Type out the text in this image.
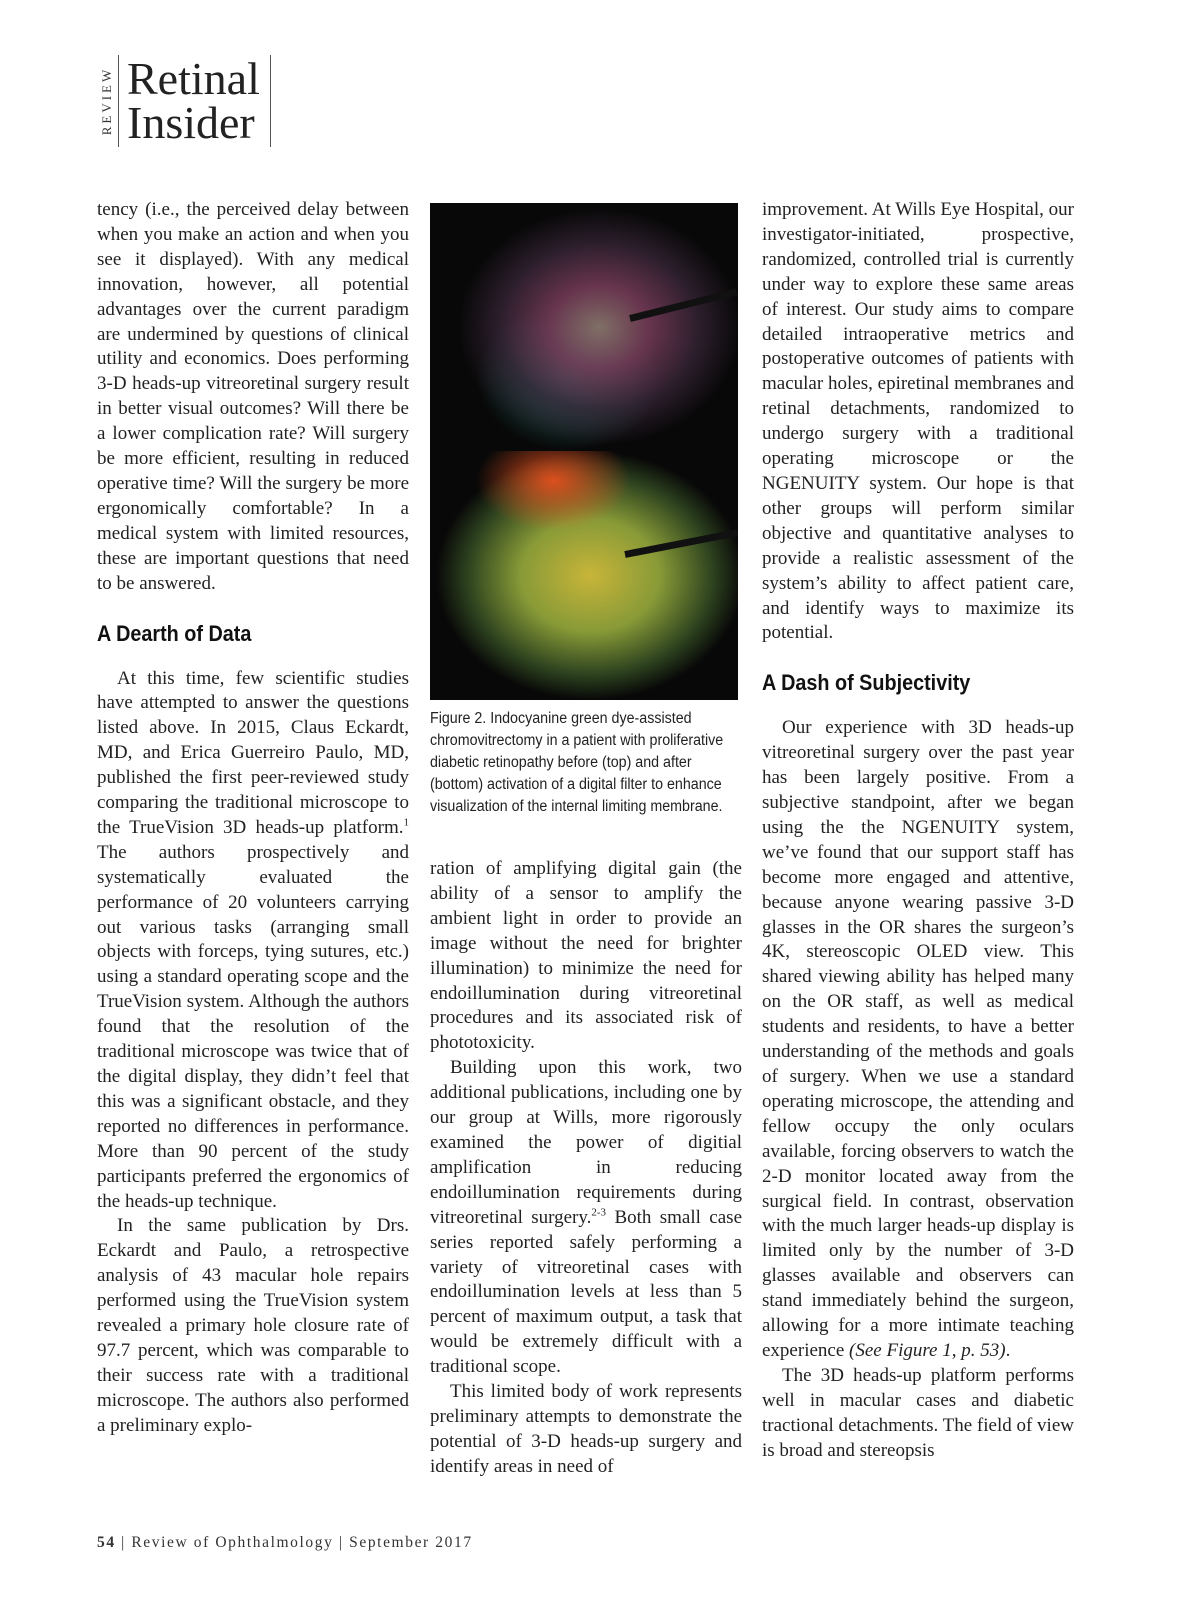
REVIEW Retinal
Insider

tency (i.e., the perceived delay between when you make an action and when you see it displayed). With any medical innovation, however, all potential advantages over the current paradigm are undermined by questions of clinical utility and economics. Does performing 3-D heads-up vitreoretinal surgery result in better visual outcomes? Will there be a lower complication rate? Will surgery be more efficient, resulting in reduced operative time? Will the surgery be more ergonomically comfortable? In a medical system with limited resources, these are important questions that need to be answered.

A Dearth of Data

At this time, few scientific studies have attempted to answer the questions listed above. In 2015, Claus Eckardt, MD, and Erica Guerreiro Paulo, MD, published the first peer-reviewed study comparing the traditional microscope to the TrueVision 3D heads-up platform.$^1$ The authors prospectively and systematically evaluated the performance of 20 volunteers carrying out various tasks (arranging small objects with forceps, tying sutures, etc.) using a standard operating scope and the TrueVision system. Although the authors found that the resolution of the traditional microscope was twice that of the digital display, they didn’t feel that this was a significant obstacle, and they reported no differences in performance. More than 90 percent of the study participants preferred the ergonomics of the heads-up technique.

In the same publication by Drs. Eckardt and Paulo, a retrospective analysis of 43 macular hole repairs performed using the TrueVision system revealed a primary hole closure rate of 97.7 percent, which was comparable to their success rate with a traditional microscope. The authors also performed a preliminary explo-

Figure 2. Indocyanine green dye-assisted chromovitrectomy in a patient with proliferative diabetic retinopathy before (top) and after (bottom) activation of a digital filter to enhance visualization of the internal limiting membrane.

ration of amplifying digital gain (the ability of a sensor to amplify the ambient light in order to provide an image without the need for brighter illumination) to minimize the need for endoillumination during vitreoretinal procedures and its associated risk of phototoxicity.

Building upon this work, two additional publications, including one by our group at Wills, more rigorously examined the power of digitial amplification in reducing endoillumination requirements during vitreoretinal surgery.$^{2-3}$ Both small case series reported safely performing a variety of vitreoretinal cases with endoillumination levels at less than 5 percent of maximum output, a task that would be extremely difficult with a traditional scope.

This limited body of work represents preliminary attempts to demonstrate the potential of 3-D heads-up surgery and identify areas in need of

improvement. At Wills Eye Hospital, our investigator-initiated, prospective, randomized, controlled trial is currently under way to explore these same areas of interest. Our study aims to compare detailed intraoperative metrics and postoperative outcomes of patients with macular holes, epiretinal membranes and retinal detachments, randomized to undergo surgery with a traditional operating microscope or the NGENUITY system. Our hope is that other groups will perform similar objective and quantitative analyses to provide a realistic assessment of the system’s ability to affect patient care, and identify ways to maximize its potential.

A Dash of Subjectivity

Our experience with 3D heads-up vitreoretinal surgery over the past year has been largely positive. From a subjective standpoint, after we began using the the NGENUITY system, we’ve found that our support staff has become more engaged and attentive, because anyone wearing passive 3-D glasses in the OR shares the surgeon’s 4K, stereoscopic OLED view. This shared viewing ability has helped many on the OR staff, as well as medical students and residents, to have a better understanding of the methods and goals of surgery. When we use a standard operating microscope, the attending and fellow occupy the only oculars available, forcing observers to watch the 2-D monitor located away from the surgical field. In contrast, observation with the much larger heads-up display is limited only by the number of 3-D glasses available and observers can stand immediately behind the surgeon, allowing for a more intimate teaching experience (See Figure 1, p. 53).

The 3D heads-up platform performs well in macular cases and diabetic tractional detachments. The field of view is broad and stereopsis

54 | Review of Ophthalmology | September 2017
